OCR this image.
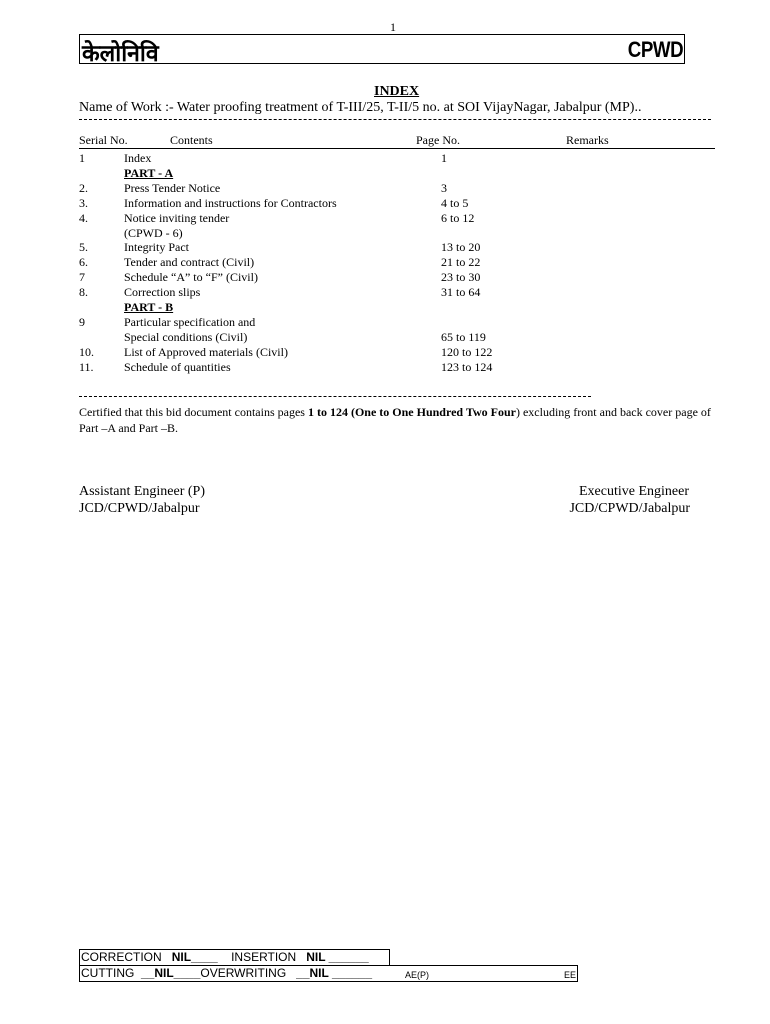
1
केलोनिवि	CPWD
INDEX
Name of Work :- Water proofing treatment of T-III/25, T-II/5 no. at SOI VijayNagar, Jabalpur (MP)..
Serial No.	Contents	Page No.	Remarks
1	Index	1
PART - A
2.	Press Tender Notice	3
3.	Information and instructions for Contractors	4 to 5
4.	Notice inviting tender	6 to 12
(CPWD - 6)
5.	Integrity Pact	13 to 20
6.	Tender and contract (Civil)	21 to 22
7	Schedule “A” to “F” (Civil)	23 to 30
8.	Correction slips	31 to 64
PART - B
9	Particular specification and
Special conditions (Civil)	65 to 119
10.	List of Approved materials (Civil)	120 to 122
11.	Schedule of quantities	123 to 124
Certified that this bid document contains pages 1 to 124 (One to One Hundred Two Four) excluding front and back cover page of Part –A and Part –B.
Assistant Engineer (P)
JCD/CPWD/Jabalpur
Executive Engineer
JCD/CPWD/Jabalpur
CORRECTION NIL____ INSERTION NIL ______
CUTTING __NIL____OVERWRITING __NIL ______	AE(P)	EE
